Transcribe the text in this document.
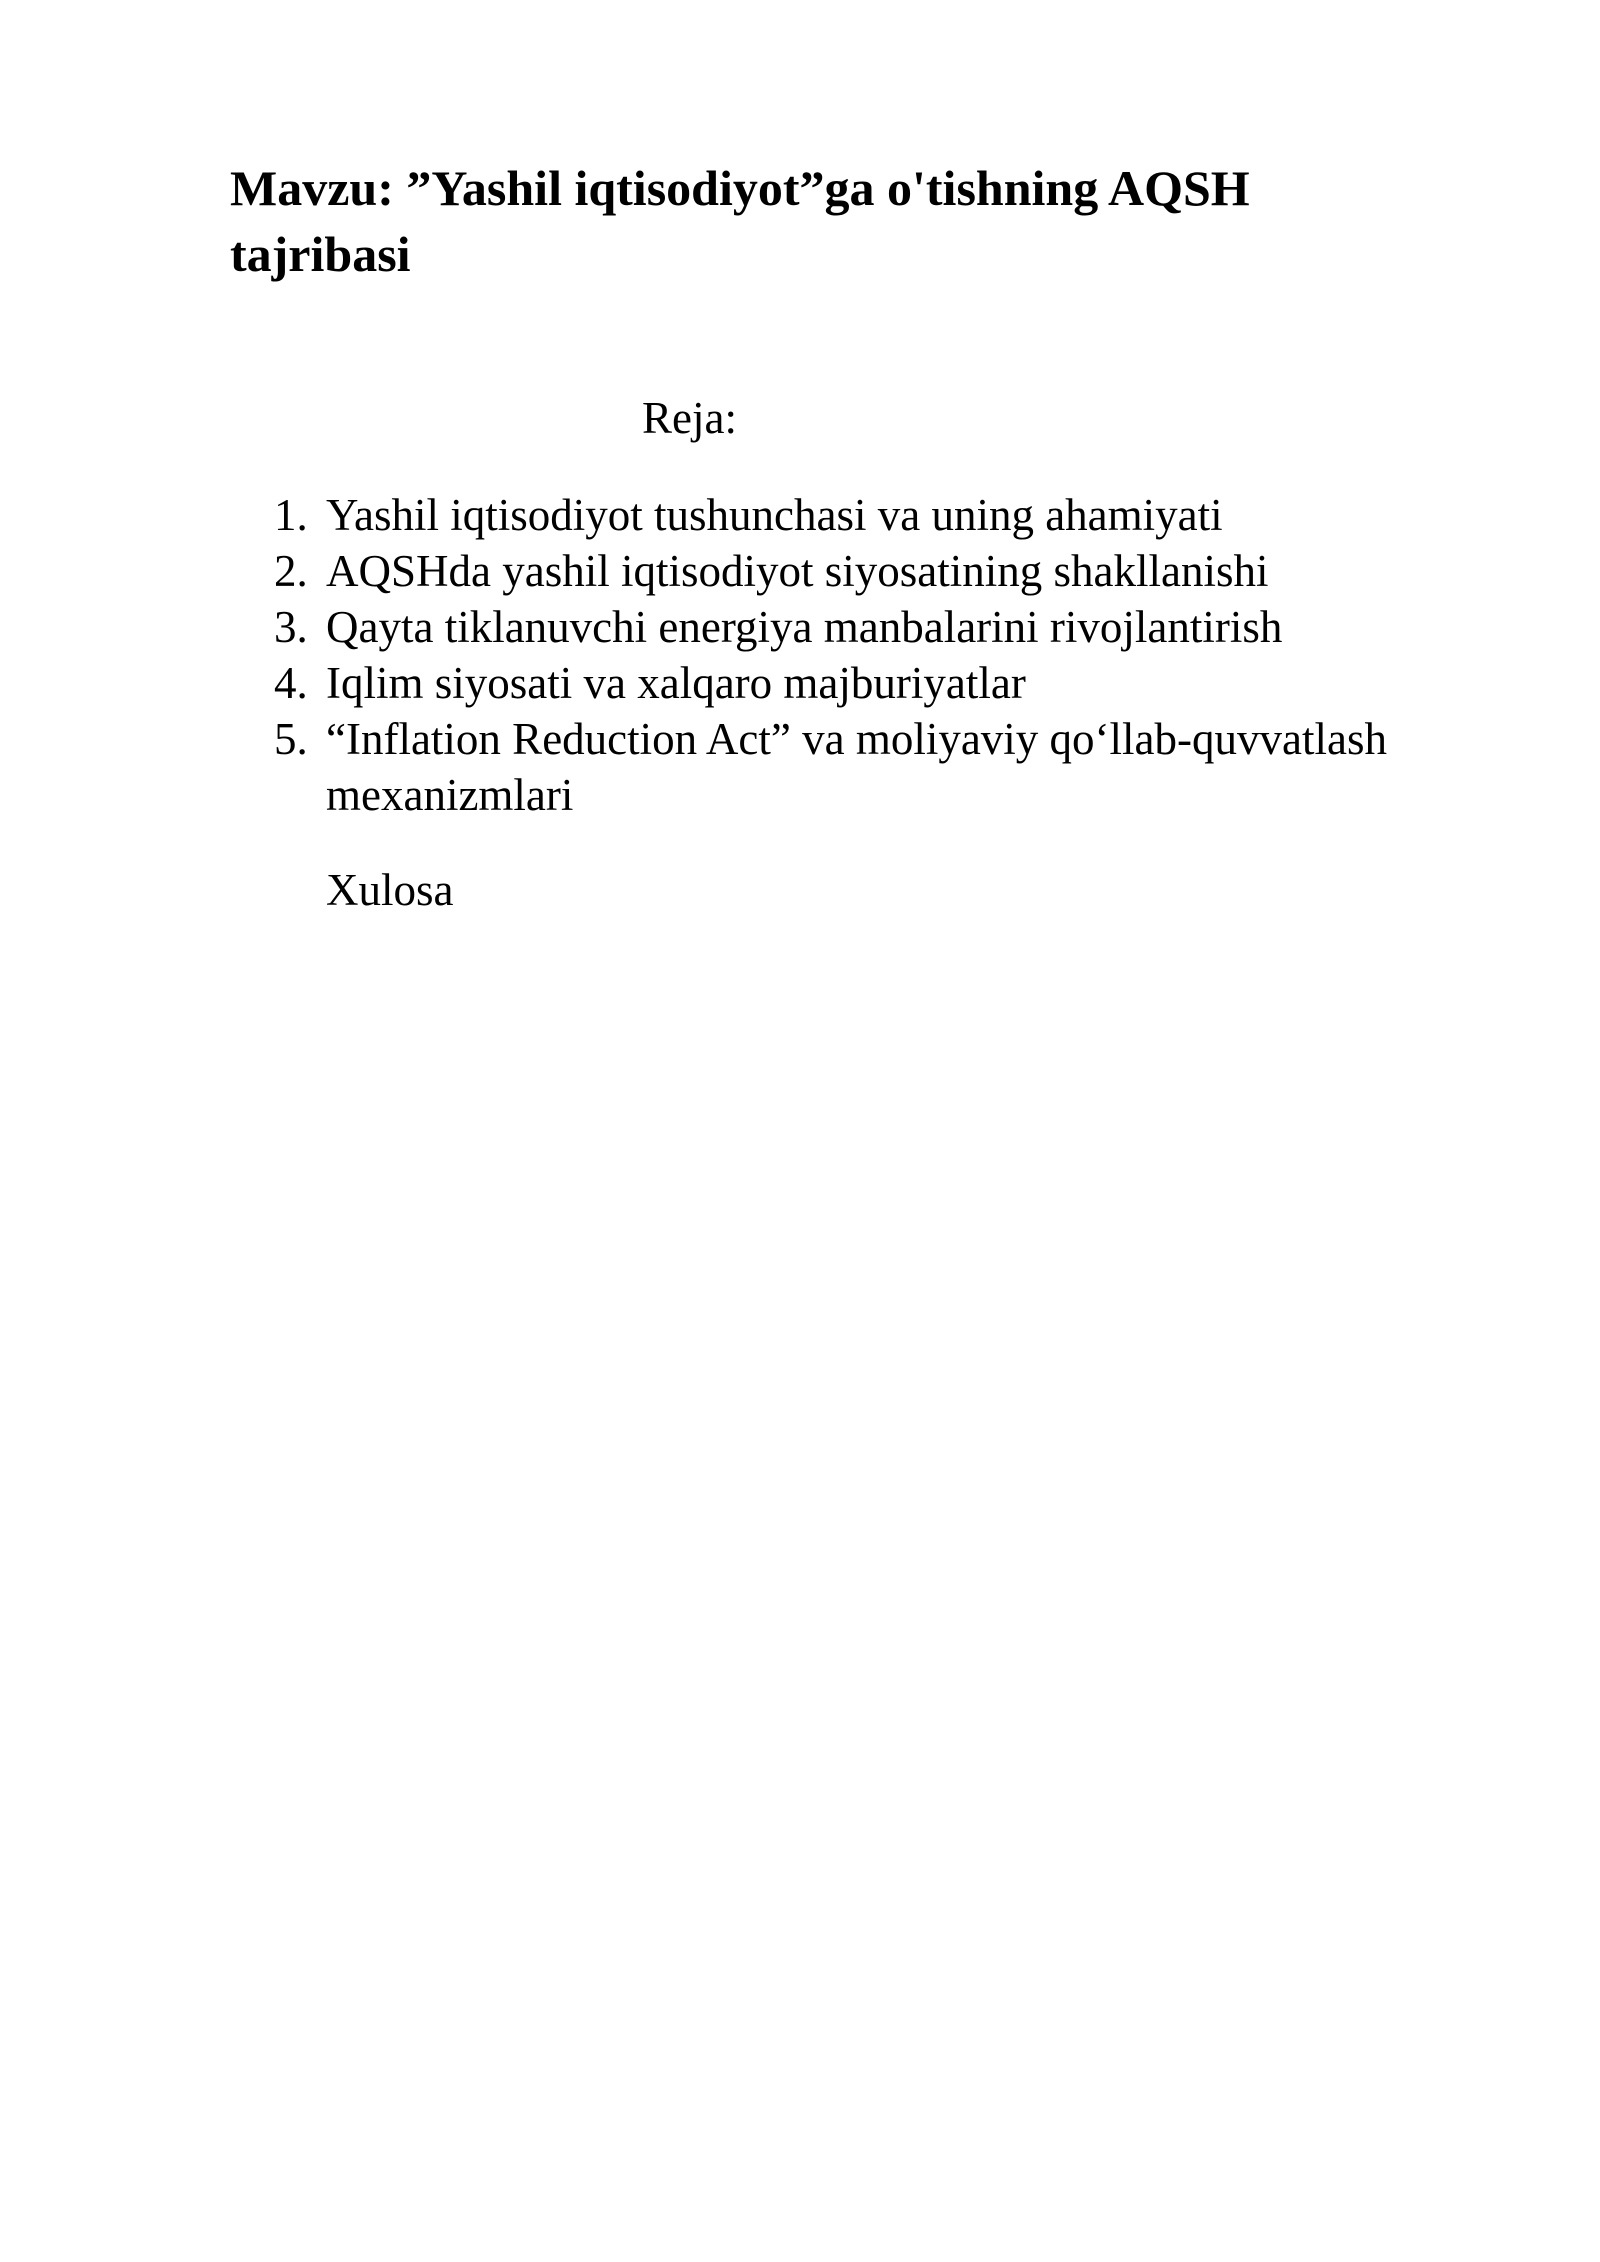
Mavzu: ”Yashil iqtisodiyot”ga o'tishning AQSH tajribasi

Reja:

1. Yashil iqtisodiyot tushunchasi va uning ahamiyati
2. AQSHda yashil iqtisodiyot siyosatining shakllanishi
3. Qayta tiklanuvchi energiya manbalarini rivojlantirish
4. Iqlim siyosati va xalqaro majburiyatlar
5. “Inflation Reduction Act” va moliyaviy qo‘llab-quvvatlash mexanizmlari

Xulosa
